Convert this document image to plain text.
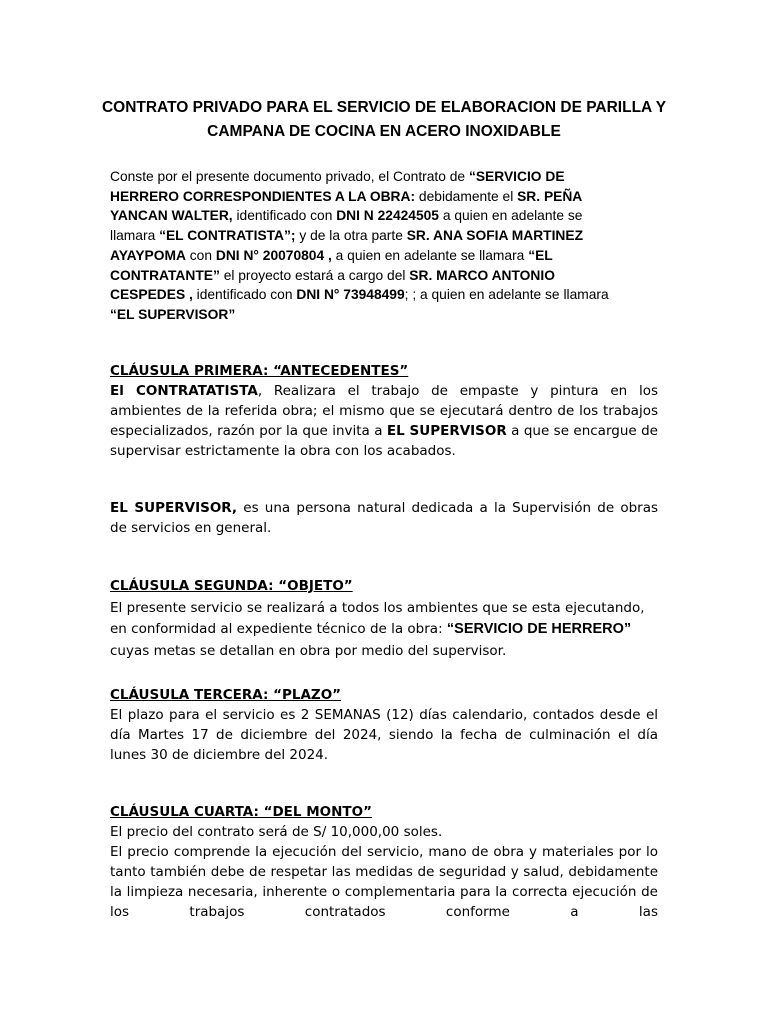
CONTRATO PRIVADO PARA EL SERVICIO DE ELABORACION DE PARILLA Y
CAMPANA DE COCINA EN ACERO INOXIDABLE
Conste por el presente documento privado, el Contrato de “SERVICIO DE HERRERO CORRESPONDIENTES A LA OBRA: debidamente el SR. PEÑA YANCAN WALTER, identificado con DNI N 22424505 a quien en adelante se llamara “EL CONTRATISTA”; y de la otra parte SR. ANA SOFIA MARTINEZ AYAYPOMA con DNI N° 20070804 , a quien en adelante se llamara “EL CONTRATANTE” el proyecto estará a cargo del SR. MARCO ANTONIO CESPEDES , identificado con DNI N° 73948499; ; a quien en adelante se llamara “EL SUPERVISOR”
CLÁUSULA PRIMERA: “ANTECEDENTES”
El CONTRATATISTA, Realizara el trabajo de empaste y pintura en los ambientes de la referida obra; el mismo que se ejecutará dentro de los trabajos especializados, razón por la que invita a EL SUPERVISOR a que se encargue de supervisar estrictamente la obra con los acabados.
EL SUPERVISOR, es una persona natural dedicada a la Supervisión de obras de servicios en general.
CLÁUSULA SEGUNDA: “OBJETO”
El presente servicio se realizará a todos los ambientes que se esta ejecutando, en conformidad al expediente técnico de la obra: “SERVICIO DE HERRERO” cuyas metas se detallan en obra por medio del supervisor.
CLÁUSULA TERCERA: “PLAZO”
El plazo para el servicio es 2 SEMANAS (12) días calendario, contados desde el día Martes 17 de diciembre del 2024, siendo la fecha de culminación el día lunes 30 de diciembre del 2024.
CLÁUSULA CUARTA: “DEL MONTO”
El precio del contrato será de S/ 10,000,00 soles.
El precio comprende la ejecución del servicio, mano de obra y materiales por lo tanto también debe de respetar las medidas de seguridad y salud, debidamente la limpieza necesaria, inherente o complementaria para la correcta ejecución de los trabajos contratados conforme a las
